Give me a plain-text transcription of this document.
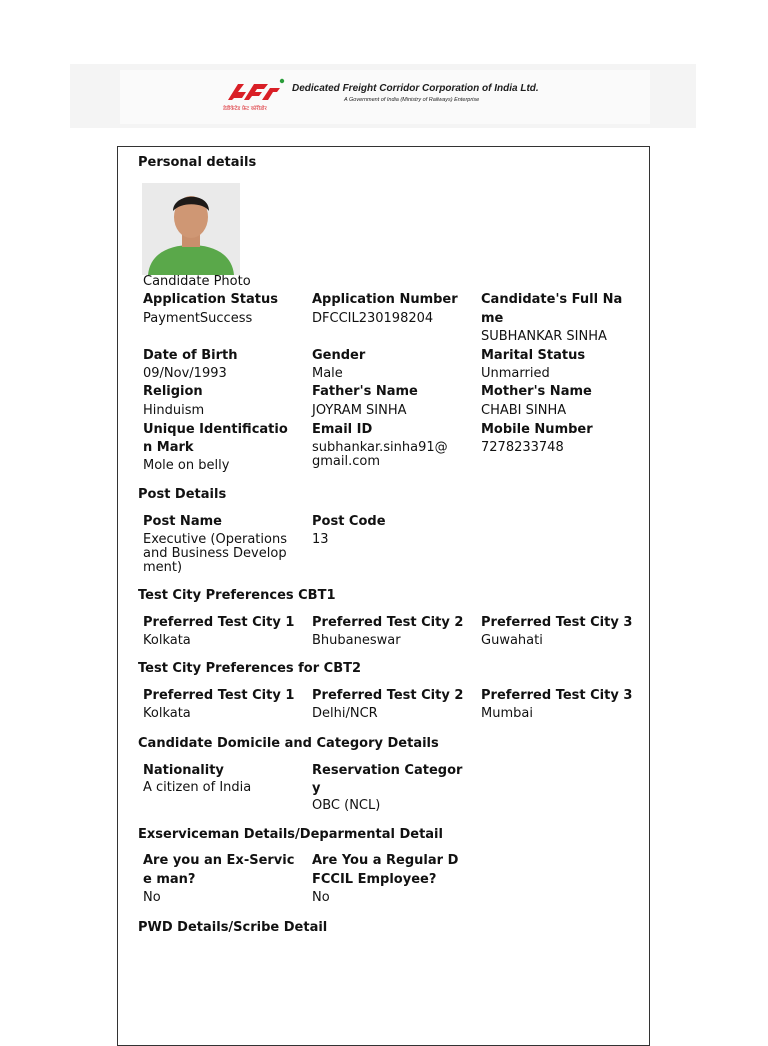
डेडीकेटेड फ्रेट कॉरीडोर
Dedicated Freight Corridor Corporation of India Ltd.
A Government of India (Ministry of Railways) Enterprise
Personal details
Candidate Photo
Application Status
PaymentSuccess
Application Number
DFCCIL230198204
Candidate's Full Na
me
SUBHANKAR SINHA
Date of Birth
09/Nov/1993
Gender
Male
Marital Status
Unmarried
Religion
Hinduism
Father's Name
JOYRAM SINHA
Mother's Name
CHABI SINHA
Unique Identificatio
n Mark
Mole on belly
Email ID
subhankar.sinha91@
gmail.com
Mobile Number
7278233748
Post Details
Post Name
Executive (Operations
and Business Develop
ment)
Post Code
13
Test City Preferences CBT1
Preferred Test City 1
Kolkata
Preferred Test City 2
Bhubaneswar
Preferred Test City 3
Guwahati
Test City Preferences for CBT2
Preferred Test City 1
Kolkata
Preferred Test City 2
Delhi/NCR
Preferred Test City 3
Mumbai
Candidate Domicile and Category Details
Nationality
A citizen of India
Reservation Categor
y
OBC (NCL)
Exserviceman Details/Deparmental Detail
Are you an Ex-Servic
e man?
No
Are You a Regular D
FCCIL Employee?
No
PWD Details/Scribe Detail
